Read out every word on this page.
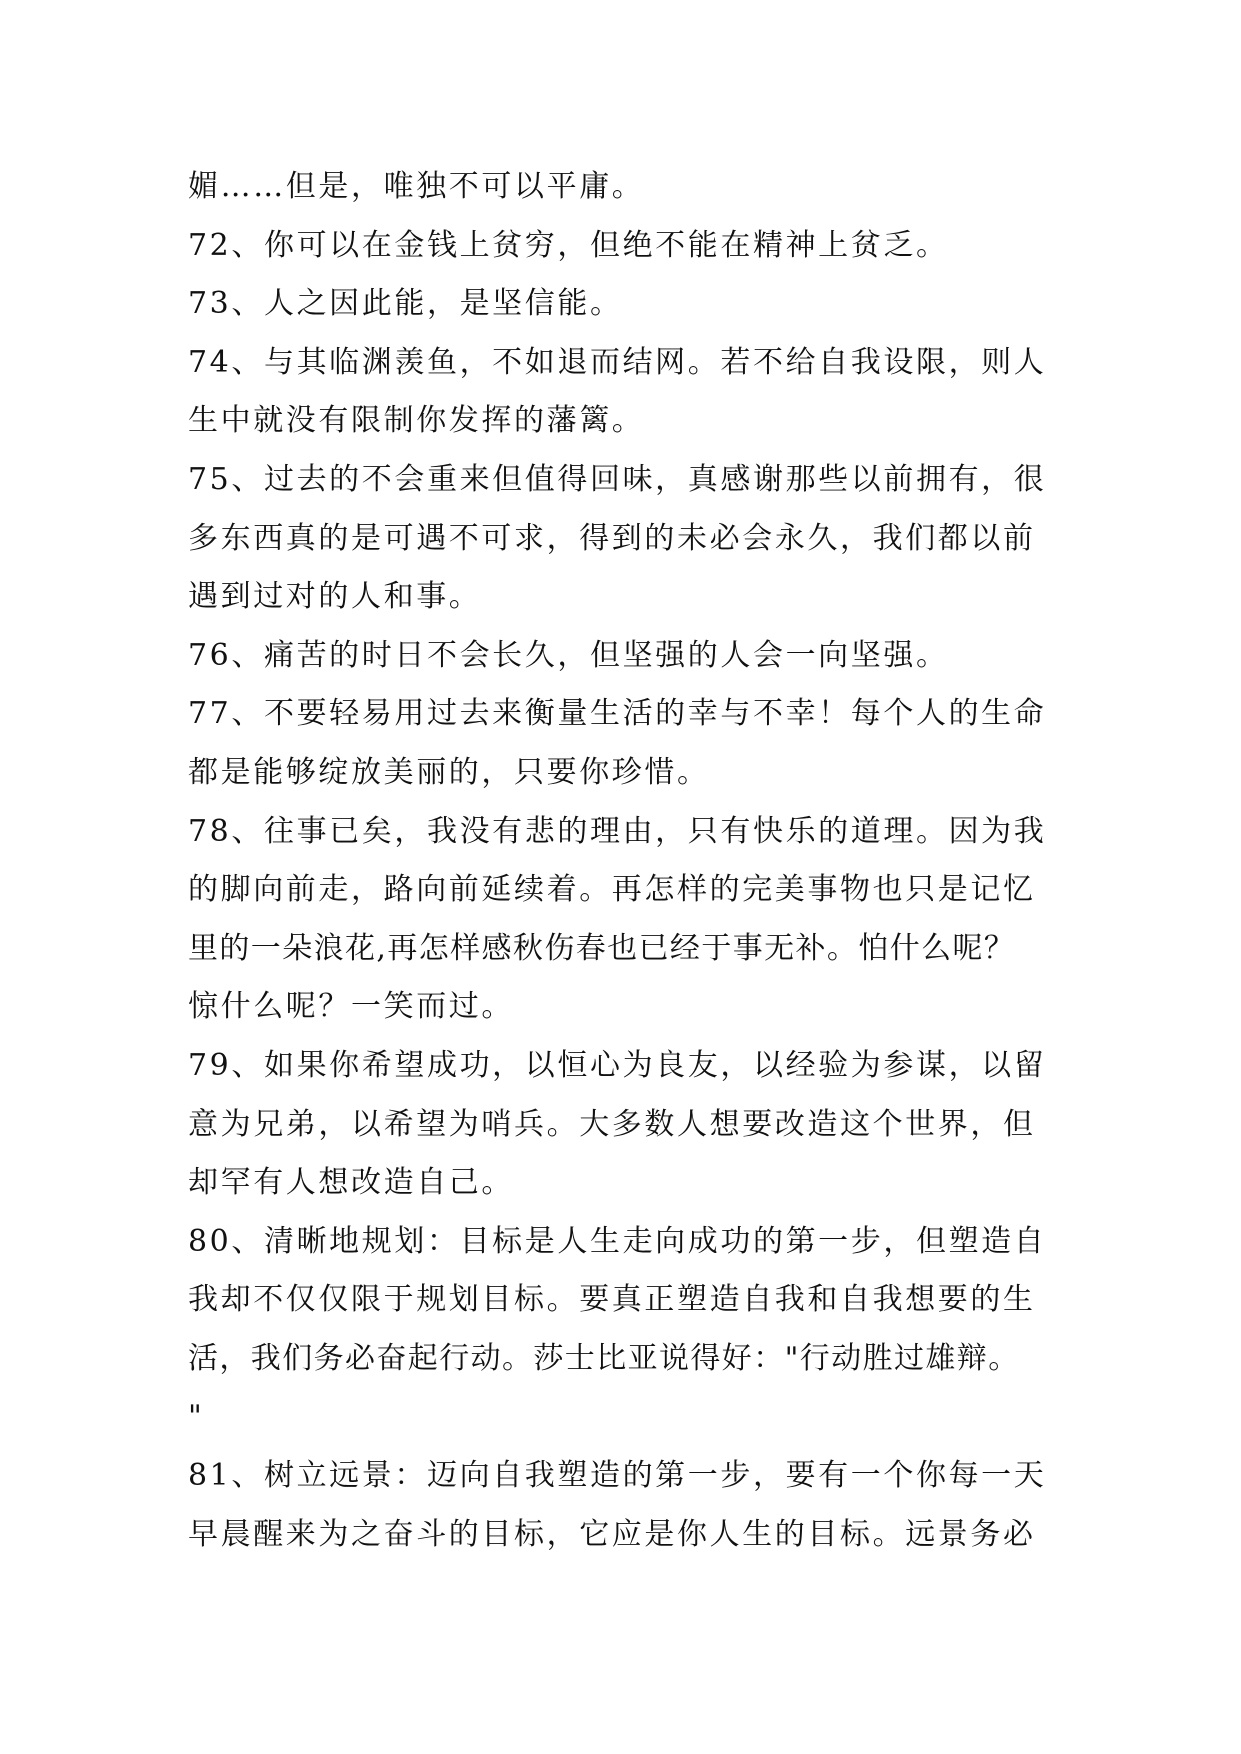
媚……但是，唯独不可以平庸。
72、你可以在金钱上贫穷，但绝不能在精神上贫乏。
73、人之因此能，是坚信能。
74、与其临渊羡鱼，不如退而结网。若不给自我设限，则人
生中就没有限制你发挥的藩篱。
75、过去的不会重来但值得回味，真感谢那些以前拥有，很
多东西真的是可遇不可求，得到的未必会永久，我们都以前
遇到过对的人和事。
76、痛苦的时日不会长久，但坚强的人会一向坚强。
77、不要轻易用过去来衡量生活的幸与不幸！每个人的生命
都是能够绽放美丽的，只要你珍惜。
78、往事已矣，我没有悲的理由，只有快乐的道理。因为我
的脚向前走，路向前延续着。再怎样的完美事物也只是记忆
里的一朵浪花,再怎样感秋伤春也已经于事无补。怕什么呢？
惊什么呢？一笑而过。
79、如果你希望成功，以恒心为良友，以经验为参谋，以留
意为兄弟，以希望为哨兵。大多数人想要改造这个世界，但
却罕有人想改造自己。
80、清晰地规划：目标是人生走向成功的第一步，但塑造自
我却不仅仅限于规划目标。要真正塑造自我和自我想要的生
活，我们务必奋起行动。莎士比亚说得好："行动胜过雄辩。
"
81、树立远景：迈向自我塑造的第一步，要有一个你每一天
早晨醒来为之奋斗的目标，它应是你人生的目标。远景务必
